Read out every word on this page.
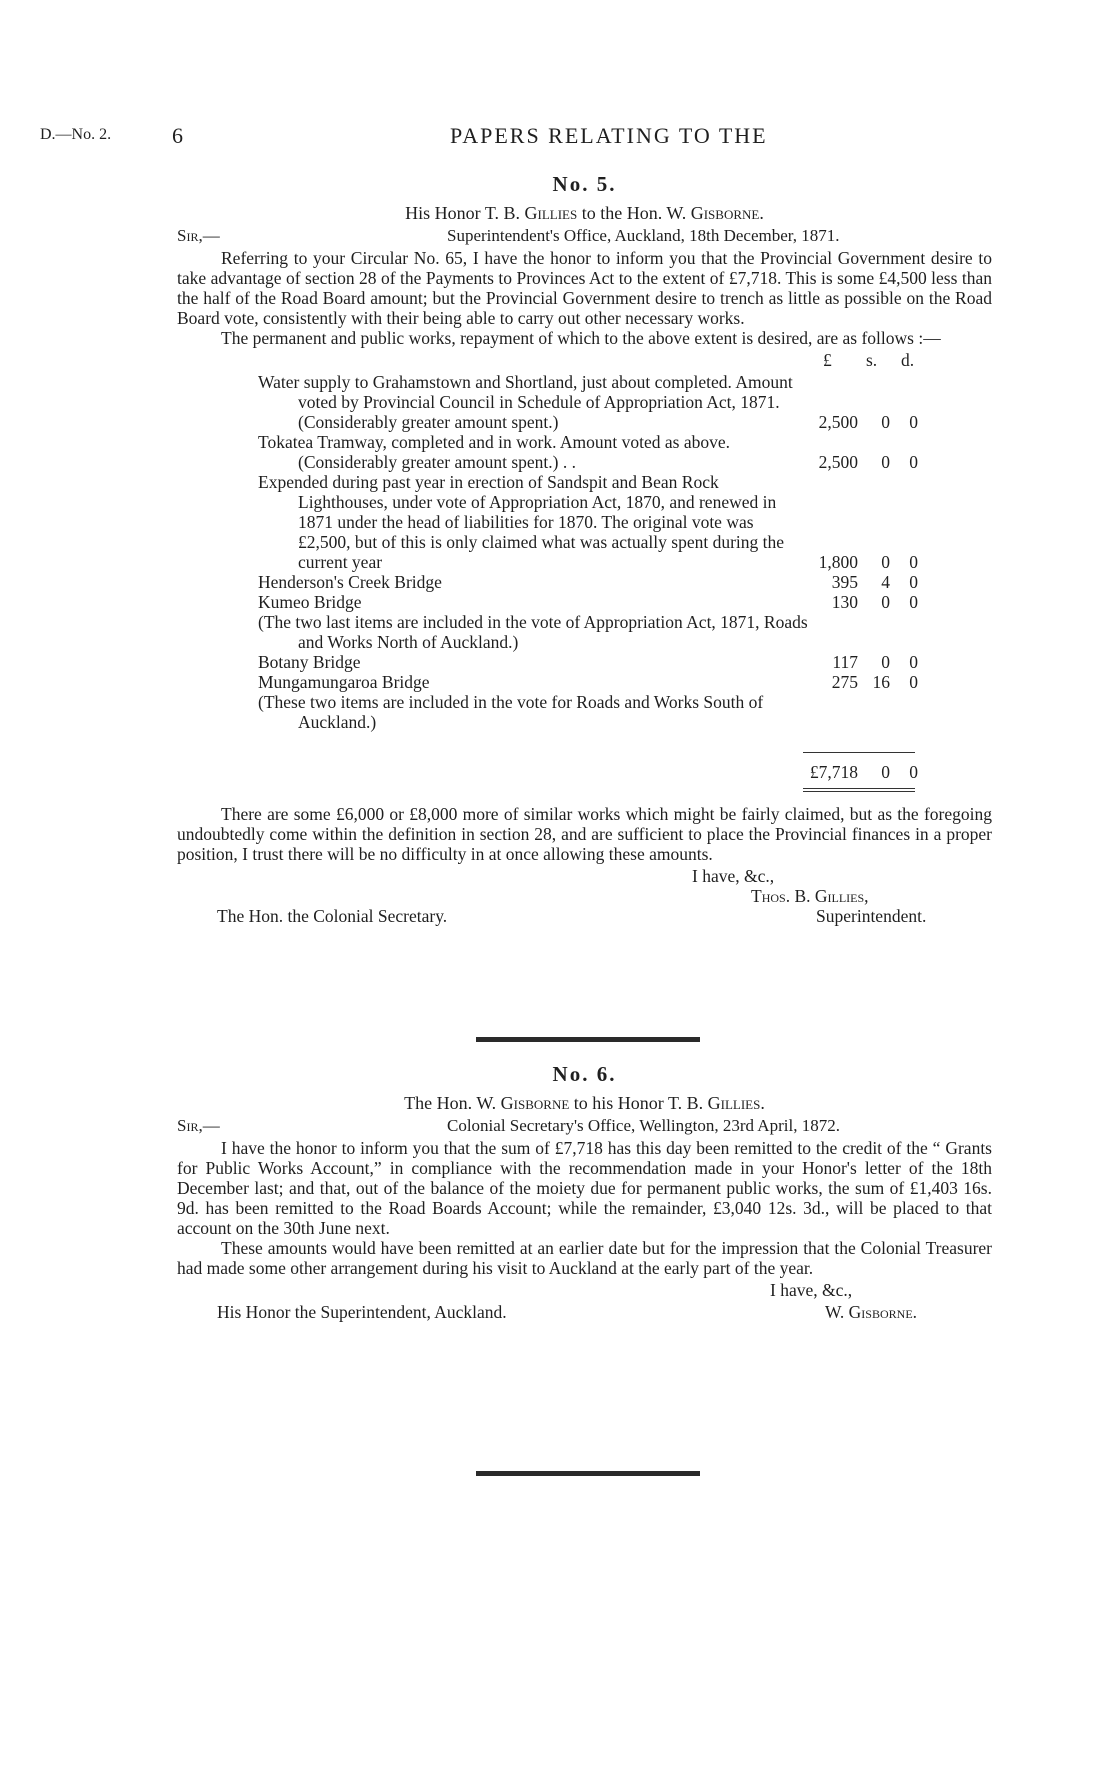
D.—No. 2.	6	PAPERS RELATING TO THE
No. 5.
His Honor T. B. Gillies to the Hon. W. Gisborne.
Sir,—	Superintendent's Office, Auckland, 18th December, 1871.

Referring to your Circular No. 65, I have the honor to inform you that the Provincial Government desire to take advantage of section 28 of the Payments to Provinces Act to the extent of £7,718. This is some £4,500 less than the half of the Road Board amount; but the Provincial Government desire to trench as little as possible on the Road Board vote, consistently with their being able to carry out other necessary works.

The permanent and public works, repayment of which to the above extent is desired, are as follows :—

£ s. d.
Water supply to Grahamstown and Shortland, just about completed. Amount voted by Provincial Council in Schedule of Appropriation Act, 1871. (Considerably greater amount spent.)	2,500 0 0
Tokatea Tramway, completed and in work. Amount voted as above. (Considerably greater amount spent.) . .	2,500 0 0
Expended during past year in erection of Sandspit and Bean Rock Lighthouses, under vote of Appropriation Act, 1870, and renewed in 1871 under the head of liabilities for 1870. The original vote was £2,500, but of this is only claimed what was actually spent during the current year	1,800 0 0
Henderson's Creek Bridge	395 4 0
Kumeo Bridge	130 0 0
(The two last items are included in the vote of Appropriation Act, 1871, Roads and Works North of Auckland.)
Botany Bridge	117 0 0
Mungamungaroa Bridge	275 16 0
(These two items are included in the vote for Roads and Works South of Auckland.)
£7,718 0 0

There are some £6,000 or £8,000 more of similar works which might be fairly claimed, but as the foregoing undoubtedly come within the definition in section 28, and are sufficient to place the Provincial finances in a proper position, I trust there will be no difficulty in at once allowing these amounts.

I have, &c.,
Thos. B. Gillies,
The Hon. the Colonial Secretary.	Superintendent.
No. 6.
The Hon. W. Gisborne to his Honor T. B. Gillies.
Sir,—	Colonial Secretary's Office, Wellington, 23rd April, 1872.

I have the honor to inform you that the sum of £7,718 has this day been remitted to the credit of the “ Grants for Public Works Account,” in compliance with the recommendation made in your Honor's letter of the 18th December last; and that, out of the balance of the moiety due for permanent public works, the sum of £1,403 16s. 9d. has been remitted to the Road Boards Account; while the remainder, £3,040 12s. 3d., will be placed to that account on the 30th June next.

These amounts would have been remitted at an earlier date but for the impression that the Colonial Treasurer had made some other arrangement during his visit to Auckland at the early part of the year.

I have, &c.,
His Honor the Superintendent, Auckland.	W. Gisborne.
